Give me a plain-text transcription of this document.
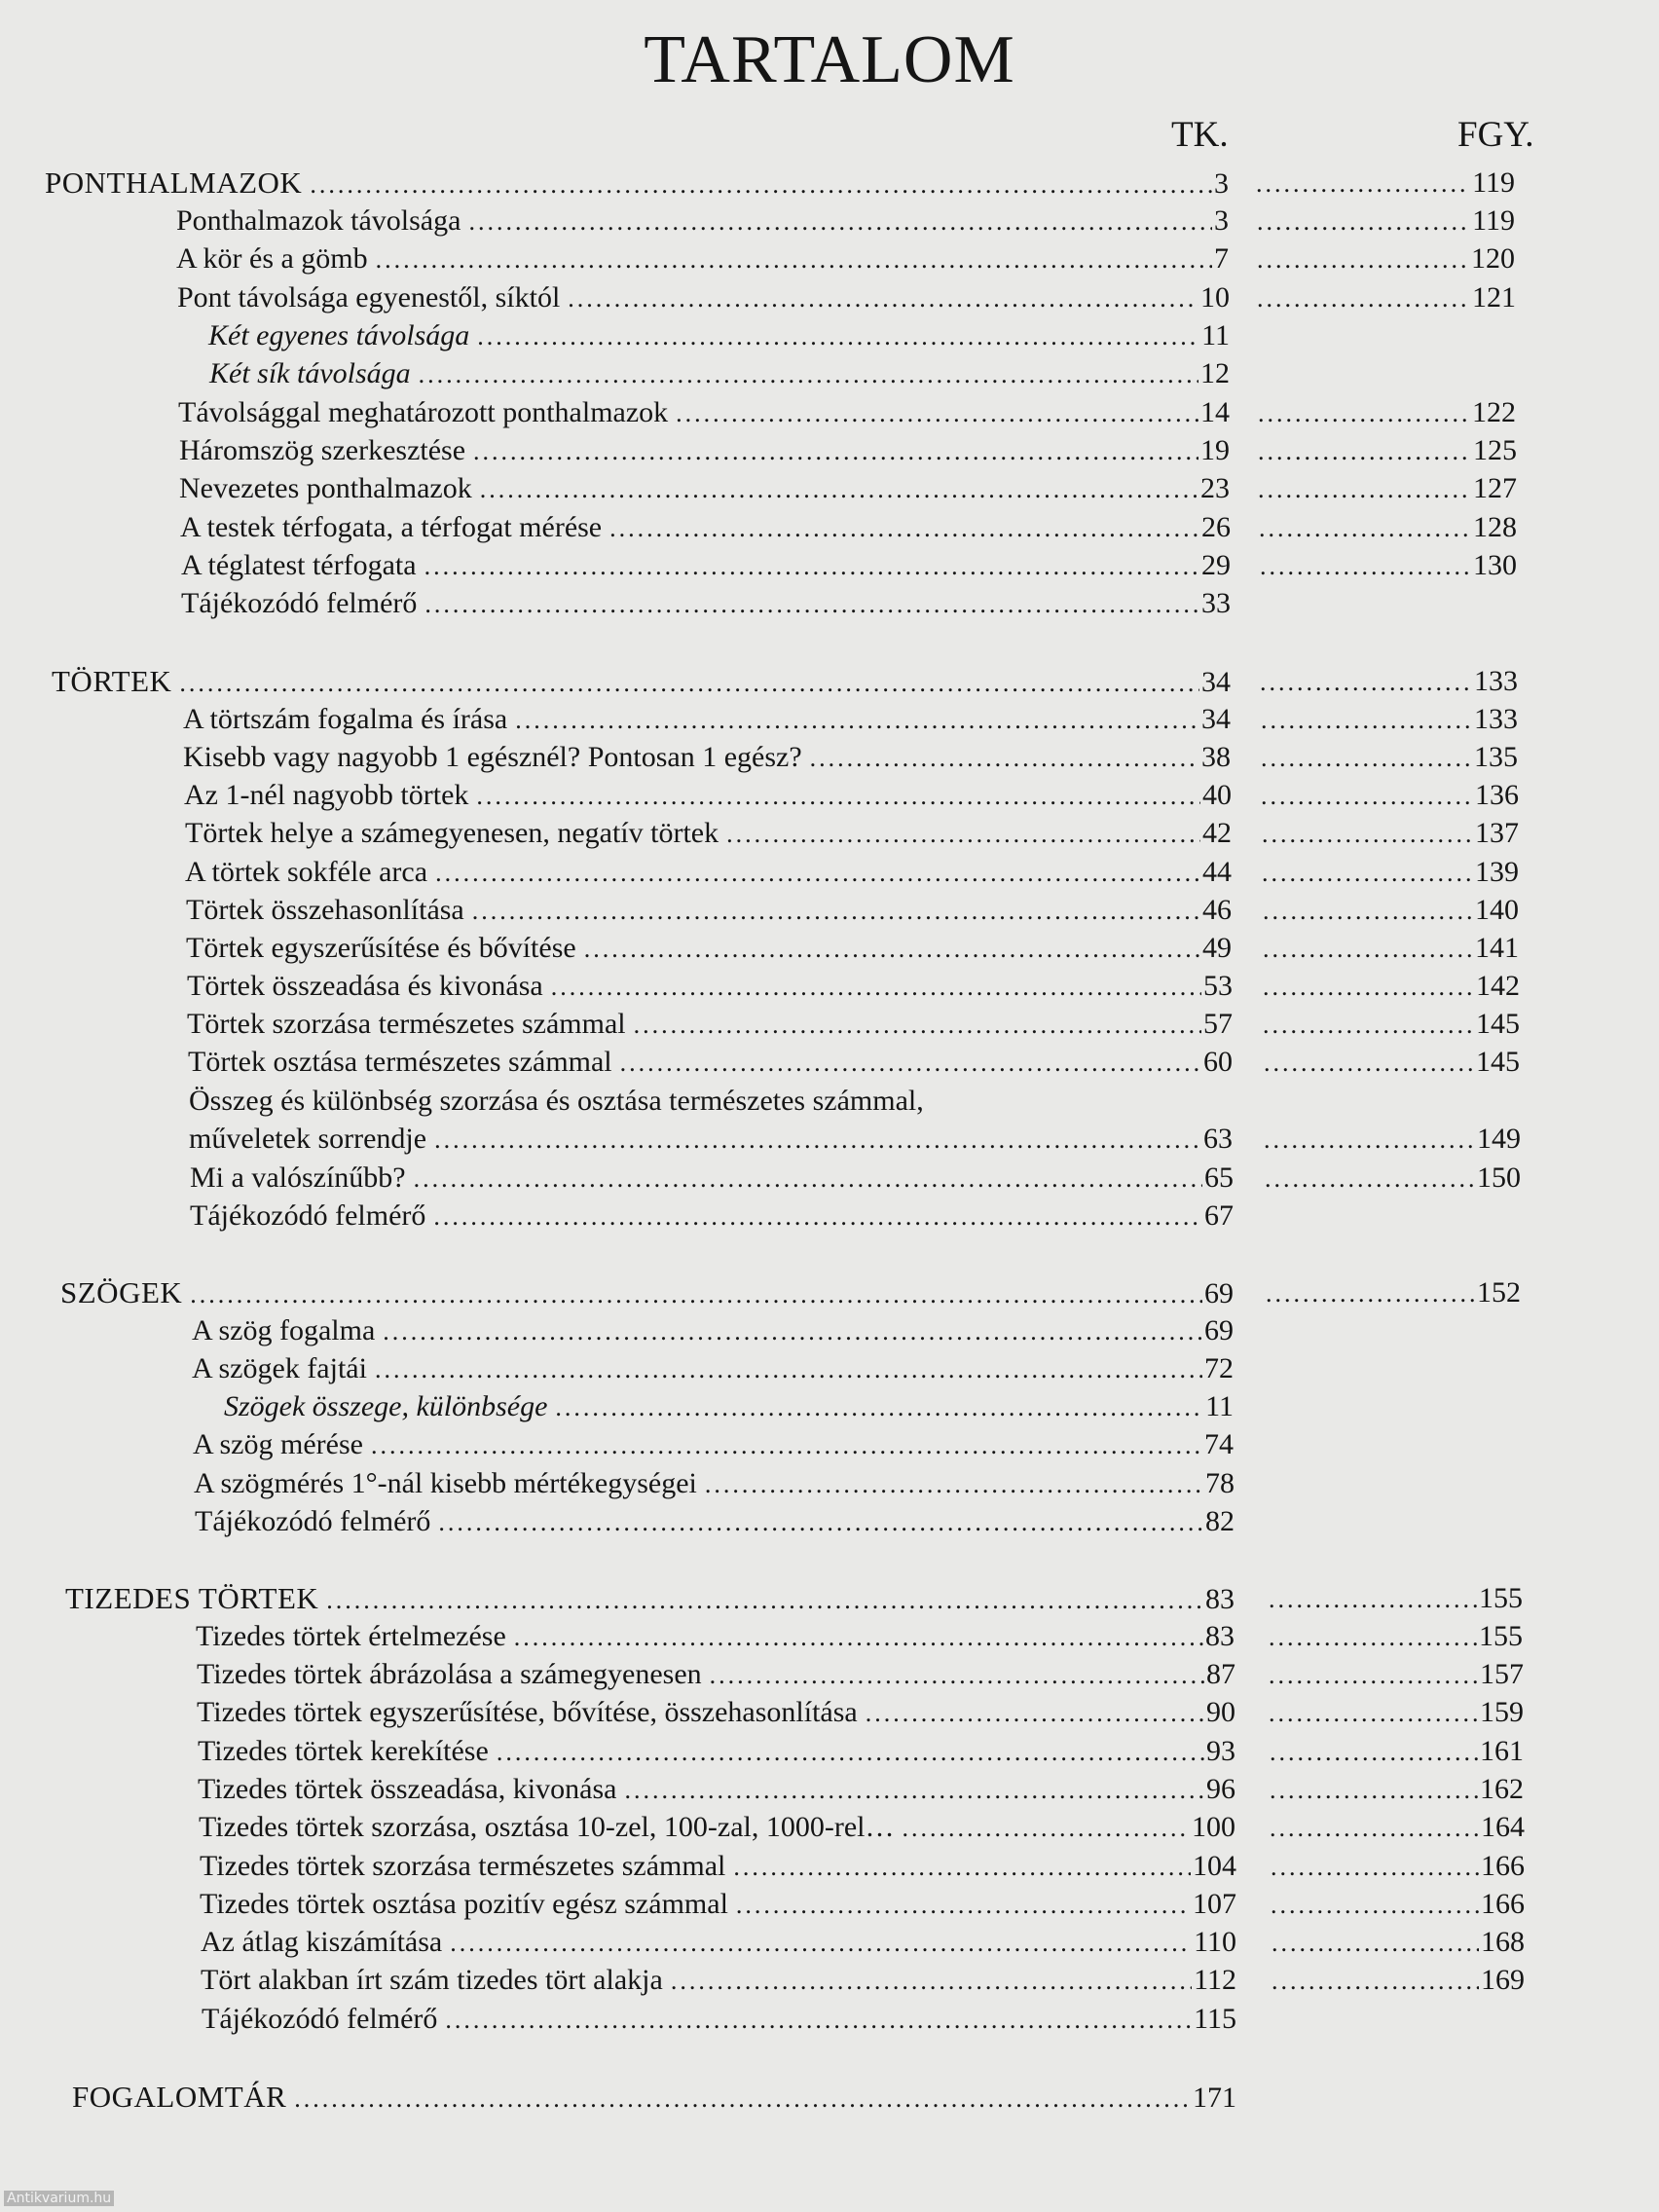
TARTALOM
TK.	FGY.
PONTHALMAZOK .....	3 .....	119
Ponthalmazok távolsága .....	3 .....	119
A kör és a gömb .....	7 .....	120
Pont távolsága egyenestől, síktól .....	10 .....	121
Két egyenes távolsága .....	11
Két sík távolsága .....	12
Távolsággal meghatározott ponthalmazok .....	14 .....	122
Háromszög szerkesztése .....	19 .....	125
Nevezetes ponthalmazok .....	23 .....	127
A testek térfogata, a térfogat mérése .....	26 .....	128
A téglatest térfogata .....	29 .....	130
Tájékozódó felmérő .....	33
TÖRTEK .....	34 .....	133
A törtszám fogalma és írása .....	34 .....	133
Kisebb vagy nagyobb 1 egésznél? Pontosan 1 egész? .....	38 .....	135
Az 1-nél nagyobb törtek .....	40 .....	136
Törtek helye a számegyenesen, negatív törtek .....	42 .....	137
A törtek sokféle arca .....	44 .....	139
Törtek összehasonlítása .....	46 .....	140
Törtek egyszerűsítése és bővítése .....	49 .....	141
Törtek összeadása és kivonása .....	53 .....	142
Törtek szorzása természetes számmal .....	57 .....	145
Törtek osztása természetes számmal .....	60 .....	145
Összeg és különbség szorzása és osztása természetes számmal,
műveletek sorrendje .....	63 .....	149
Mi a valószínűbb? .....	65 .....	150
Tájékozódó felmérő .....	67
SZÖGEK .....	69 .....	152
A szög fogalma .....	69
A szögek fajtái .....	72
Szögek összege, különbsége .....	11
A szög mérése .....	74
A szögmérés 1°-nál kisebb mértékegységei .....	78
Tájékozódó felmérő .....	82
TIZEDES TÖRTEK .....	83 .....	155
Tizedes törtek értelmezése .....	83 .....	155
Tizedes törtek ábrázolása a számegyenesen .....	87 .....	157
Tizedes törtek egyszerűsítése, bővítése, összehasonlítása .....	90 .....	159
Tizedes törtek kerekítése .....	93 .....	161
Tizedes törtek összeadása, kivonása .....	96 .....	162
Tizedes törtek szorzása, osztása 10-zel, 100-zal, 1000-rel… .....	100 .....	164
Tizedes törtek szorzása természetes számmal .....	104 .....	166
Tizedes törtek osztása pozitív egész számmal .....	107 .....	166
Az átlag kiszámítása .....	110 .....	168
Tört alakban írt szám tizedes tört alakja .....	112 .....	169
Tájékozódó felmérő .....	115
FOGALOMTÁR .....	171
Antikvarium.hu
